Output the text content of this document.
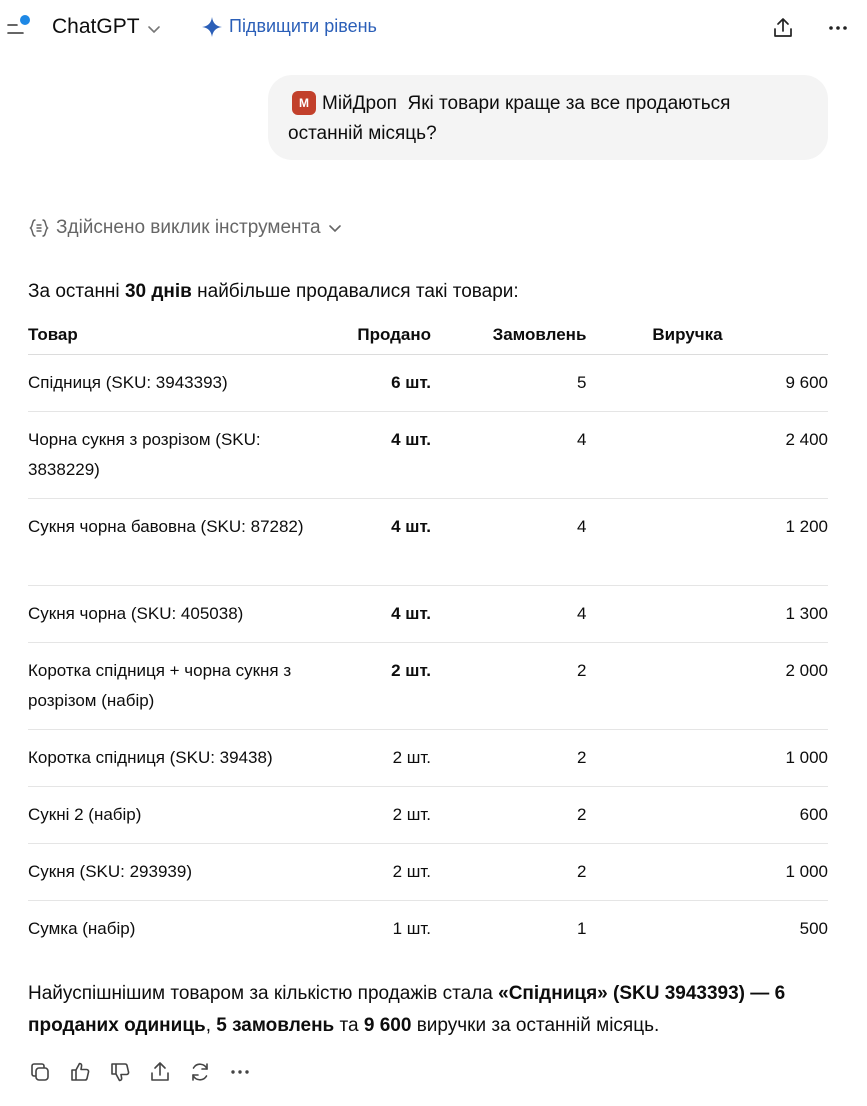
ChatGPT	Підвищити рівень
М МійДроп Які товари краще за все продаються останній місяць?
Здійснено виклик інструмента
За останні 30 днів найбільше продавалися такі товари:
Товар	Продано	Замовлень	Виручка

Спідниця (SKU: 3943393)	6 шт.	5	9 600

Чорна сукня з розрізом (SKU: 3838229)	4 шт.	4	2 400

Сукня чорна бавовна (SKU: 87282)	4 шт.	4	1 200

Сукня чорна (SKU: 405038)	4 шт.	4	1 300

Коротка спідниця + чорна сукня з розрізом (набір)	2 шт.	2	2 000

Коротка спідниця (SKU: 39438)	2 шт.	2	1 000

Сукні 2 (набір)	2 шт.	2	600

Сукня (SKU: 293939)	2 шт.	2	1 000

Сумка (набір)	1 шт.	1	500
Найуспішнішим товаром за кількістю продажів стала «Спідниця» (SKU 3943393) — 6 проданих одиниць, 5 замовлень та 9 600 виручки за останній місяць.
